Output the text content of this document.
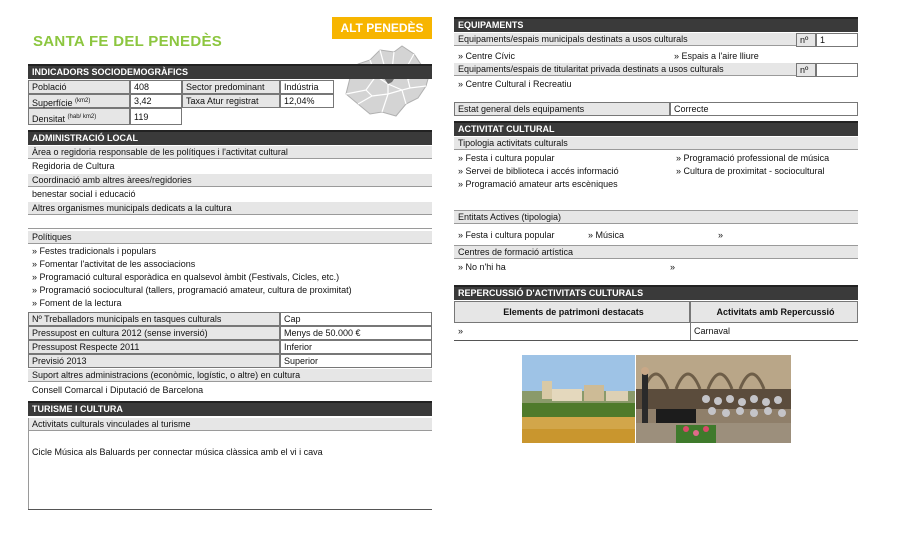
SANTA FE DEL PENEDÈS
ALT PENEDÈS
INDICADORS SOCIODEMOGRÀFICS
Població	408
Superfície $^{(km2)}$	3,42
Densitat $^{(hab/ km2)}$	119
Sector predominant	Indústria
Taxa Atur registrat	12,04%
ADMINISTRACIÓ LOCAL
Àrea o regidoria responsable de les polítiques i l'activitat cultural
Regidoria de Cultura
Coordinació amb altres àrees/regidories
benestar social i educació
Altres organismes municipals dedicats a la cultura
Polítiques
» Festes tradicionals i populars
» Fomentar l'activitat de les associacions
» Programació cultural esporàdica en qualsevol àmbit (Festivals, Cicles, etc.)
» Programació sociocultural (tallers, programació amateur, cultura de proximitat)
» Foment de la lectura
Nº Treballadors municipals en tasques culturals	Cap
Pressupost en cultura 2012 (sense inversió)	Menys de 50.000 €
Pressupost Respecte 2011	Inferior
Previsió 2013	Superior
Suport altres administracions (econòmic, logístic, o altre) en cultura
Consell Comarcal i Diputació de Barcelona
TURISME I CULTURA
Activitats culturals vinculades al turisme
Cicle Música als Baluards per connectar música clàssica amb el vi i cava
EQUIPAMENTS
Equipaments/espais municipals destinats a usos culturals	nº	1
» Centre Cívic	» Espais a l'aire lliure
Equipaments/espais de titularitat privada destinats a usos culturals	nº
» Centre Cultural i Recreatiu
Estat general dels equipaments	Correcte
ACTIVITAT CULTURAL
Tipologia activitats culturals
» Festa i cultura popular
» Servei de biblioteca i accés informació
» Programació amateur arts escèniques
» Programació professional de música
» Cultura de proximitat - sociocultural
Entitats Actives (tipologia)
» Festa i cultura popular	» Música	»
Centres de formació artística
» No n'hi ha	»
REPERCUSSIÓ D'ACTIVITATS CULTURALS
Elements de patrimoni destacats	Activitats amb Repercussió
»	Carnaval
